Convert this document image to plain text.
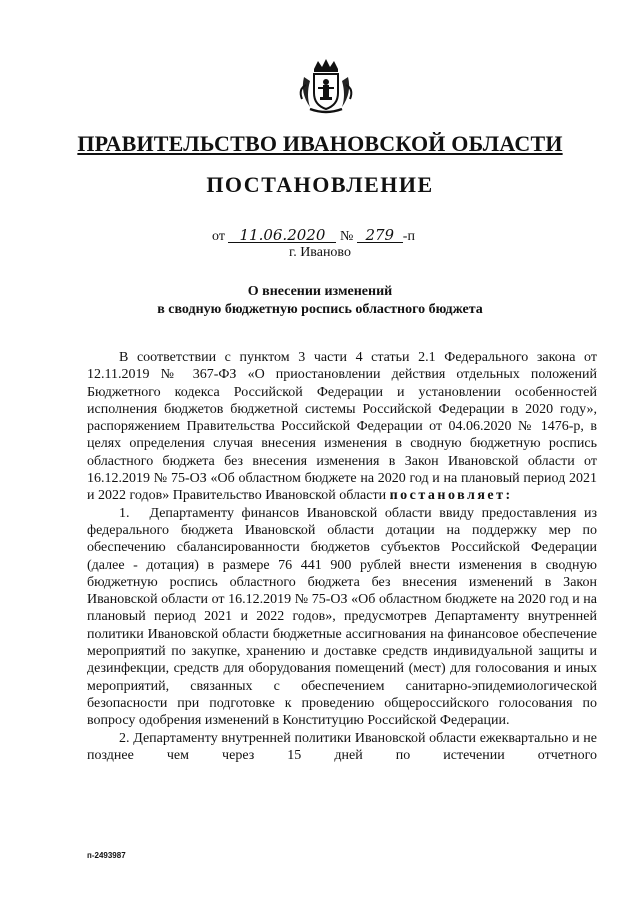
ПРАВИТЕЛЬСТВО ИВАНОВСКОЙ ОБЛАСТИ
ПОСТАНОВЛЕНИЕ
от 11.06.2020 № 279 -п
г. Иваново
О внесении изменений
в сводную бюджетную роспись областного бюджета

В соответствии с пунктом 3 части 4 статьи 2.1 Федерального закона от 12.11.2019 № 367-ФЗ «О приостановлении действия отдельных положений Бюджетного кодекса Российской Федерации и установлении особенностей исполнения бюджетов бюджетной системы Российской Федерации в 2020 году», распоряжением Правительства Российской Федерации от 04.06.2020 № 1476-р, в целях определения случая внесения изменения в сводную бюджетную роспись областного бюджета без внесения изменения в Закон Ивановской области от 16.12.2019 № 75-ОЗ «Об областном бюджете на 2020 год и на плановый период 2021 и 2022 годов» Правительство Ивановской области постановляет:

1. Департаменту финансов Ивановской области ввиду предоставления из федерального бюджета Ивановской области дотации на поддержку мер по обеспечению сбалансированности бюджетов субъектов Российской Федерации (далее - дотация) в размере 76 441 900 рублей внести изменения в сводную бюджетную роспись областного бюджета без внесения изменений в Закон Ивановской области от 16.12.2019 № 75-ОЗ «Об областном бюджете на 2020 год и на плановый период 2021 и 2022 годов», предусмотрев Департаменту внутренней политики Ивановской области бюджетные ассигнования на финансовое обеспечение мероприятий по закупке, хранению и доставке средств индивидуальной защиты и дезинфекции, средств для оборудования помещений (мест) для голосования и иных мероприятий, связанных с обеспечением санитарно-эпидемиологической безопасности при подготовке к проведению общероссийского голосования по вопросу одобрения изменений в Конституцию Российской Федерации.

2. Департаменту внутренней политики Ивановской области ежеквартально и не позднее чем через 15 дней по истечении отчетного

п-2493987
